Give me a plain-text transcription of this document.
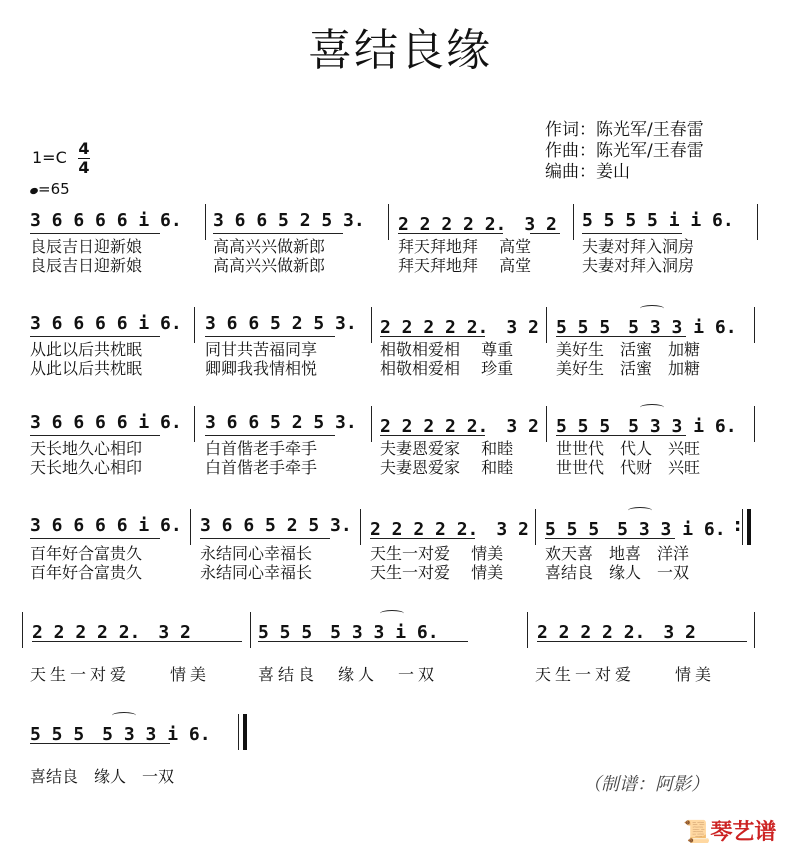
喜结良缘
作词：陈光军/王春雷
作曲：陈光军/王春雷
编曲：姜山
1=C 4
4
=65
3 6 6 6 6 i 6. 3 6 6 5 2 5 3. 2 2 2 2 2.　3 2 5 5 5 5 i i 6.
良辰吉日迎新娘	高高兴兴做新郎	拜天拜地拜　 高堂	夫妻对拜入洞房
良辰吉日迎新娘	高高兴兴做新郎	拜天拜地拜　 高堂	夫妻对拜入洞房
3 6 6 6 6 i 6. 3 6 6 5 2 5 3. 2 2 2 2 2.　3 2 5 5 5　5 3 3 i 6.
从此以后共枕眠	同甘共苦福同享	相敬相爱相　 尊重	美好生　活蜜　加糖
从此以后共枕眠	卿卿我我情相悦	相敬相爱相　 珍重	美好生　活蜜　加糖
3 6 6 6 6 i 6. 3 6 6 5 2 5 3. 2 2 2 2 2.　3 2 5 5 5　5 3 3 i 6.
天长地久心相印	白首偕老手牵手	夫妻恩爱家　 和睦	世世代　代人　兴旺
天长地久心相印	白首偕老手牵手	夫妻恩爱家　 和睦	世世代　代财　兴旺
3 6 6 6 6 i 6. 3 6 6 5 2 5 3. 2 2 2 2 2.　3 2 5 5 5　5 3 3 i 6. :
百年好合富贵久	永结同心幸福长	天生一对爱　 情美	欢天喜　地喜　洋洋
百年好合富贵久	永结同心幸福长	天生一对爱　 情美	喜结良　缘人　一双
2 2 2 2 2.　3 2	5 5 5　5 3 3 i 6.	2 2 2 2 2.　3 2
天生一对爱　　情美	喜结良　缘人　一双	天生一对爱　　情美
5 5 5　5 3 3 i 6.
喜结良　缘人　一双	（制谱：阿影）
📜琴艺谱
